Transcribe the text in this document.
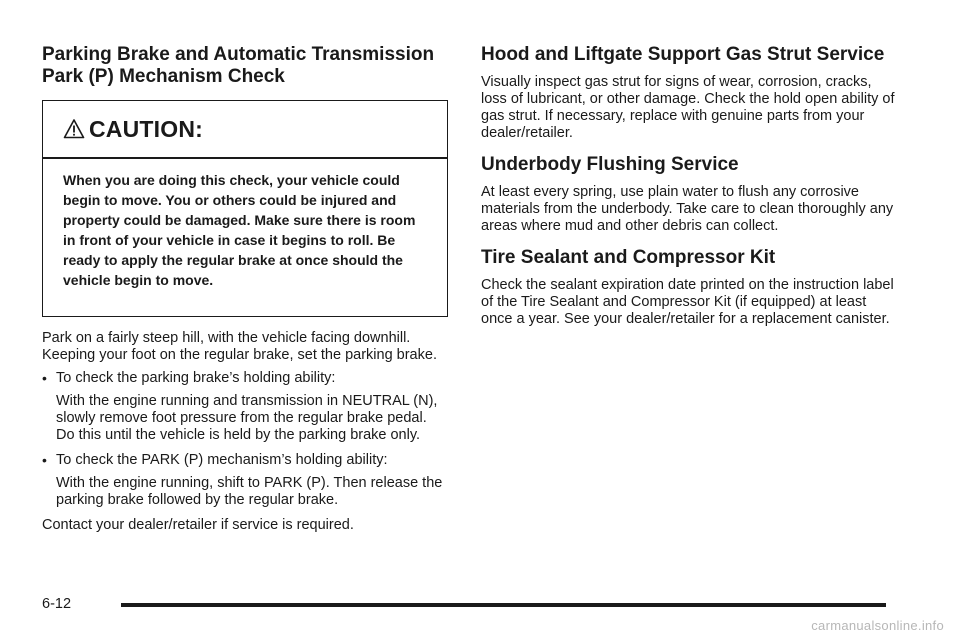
Parking Brake and Automatic Transmission Park (P) Mechanism Check
CAUTION:
When you are doing this check, your vehicle could begin to move. You or others could be injured and property could be damaged. Make sure there is room in front of your vehicle in case it begins to roll. Be ready to apply the regular brake at once should the vehicle begin to move.

Park on a fairly steep hill, with the vehicle facing downhill. Keeping your foot on the regular brake, set the parking brake.

• To check the parking brake’s holding ability:
With the engine running and transmission in NEUTRAL (N), slowly remove foot pressure from the regular brake pedal. Do this until the vehicle is held by the parking brake only.
• To check the PARK (P) mechanism’s holding ability:
With the engine running, shift to PARK (P). Then release the parking brake followed by the regular brake.

Contact your dealer/retailer if service is required.

Hood and Liftgate Support Gas Strut Service

Visually inspect gas strut for signs of wear, corrosion, cracks, loss of lubricant, or other damage. Check the hold open ability of gas strut. If necessary, replace with genuine parts from your dealer/retailer.

Underbody Flushing Service

At least every spring, use plain water to flush any corrosive materials from the underbody. Take care to clean thoroughly any areas where mud and other debris can collect.

Tire Sealant and Compressor Kit

Check the sealant expiration date printed on the instruction label of the Tire Sealant and Compressor Kit (if equipped) at least once a year. See your dealer/retailer for a replacement canister.

6-12
carmanualsonline.info
